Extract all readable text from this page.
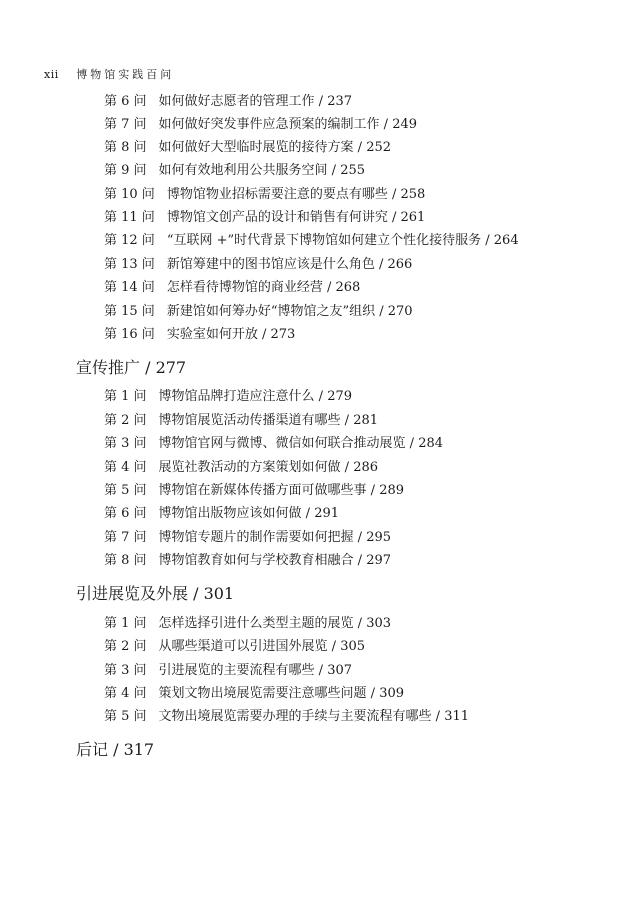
xii 博物馆实践百问
第 6 问 如何做好志愿者的管理工作 / 237
第 7 问 如何做好突发事件应急预案的编制工作 / 249
第 8 问 如何做好大型临时展览的接待方案 / 252
第 9 问 如何有效地利用公共服务空间 / 255
第 10 问 博物馆物业招标需要注意的要点有哪些 / 258
第 11 问 博物馆文创产品的设计和销售有何讲究 / 261
第 12 问 “互联网 +”时代背景下博物馆如何建立个性化接待服务 / 264
第 13 问 新馆筹建中的图书馆应该是什么角色 / 266
第 14 问 怎样看待博物馆的商业经营 / 268
第 15 问 新建馆如何筹办好“博物馆之友”组织 / 270
第 16 问 实验室如何开放 / 273
宣传推广 / 277
第 1 问 博物馆品牌打造应注意什么 / 279
第 2 问 博物馆展览活动传播渠道有哪些 / 281
第 3 问 博物馆官网与微博、微信如何联合推动展览 / 284
第 4 问 展览社教活动的方案策划如何做 / 286
第 5 问 博物馆在新媒体传播方面可做哪些事 / 289
第 6 问 博物馆出版物应该如何做 / 291
第 7 问 博物馆专题片的制作需要如何把握 / 295
第 8 问 博物馆教育如何与学校教育相融合 / 297
引进展览及外展 / 301
第 1 问 怎样选择引进什么类型主题的展览 / 303
第 2 问 从哪些渠道可以引进国外展览 / 305
第 3 问 引进展览的主要流程有哪些 / 307
第 4 问 策划文物出境展览需要注意哪些问题 / 309
第 5 问 文物出境展览需要办理的手续与主要流程有哪些 / 311
后记 / 317
